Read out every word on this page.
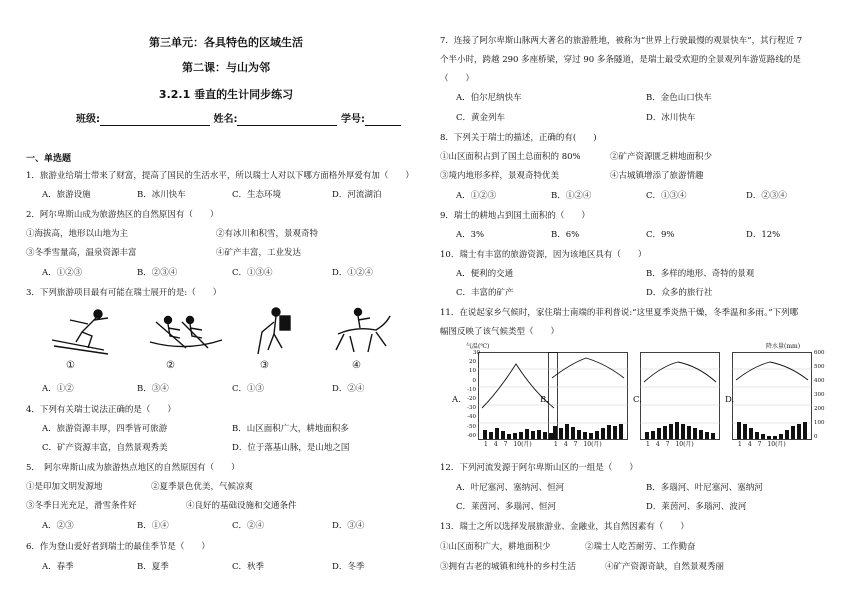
第三单元：各具特色的区域生活
第二课：与山为邻
3.2.1 垂直的生计同步练习
班级:	姓名:	学号:
一、单选题
1．旅游业给瑞士带来了财富，提高了国民的生活水平，所以瑞士人对以下哪方面格外厚爱有加（　　）
A．旅游设施	B．冰川快车	C．生态环境	D．河流湖泊
2．阿尔卑斯山成为旅游热区的自然原因有（　　）
①海拔高，地形以山地为主	②有冰川和积雪，景观奇特
③冬季雪量高，温泉资源丰富	④矿产丰富，工业发达
A．①②③	B．②③④	C．①③④	D．①②④
3．下列旅游项目最有可能在瑞士展开的是:（　　）
①	②	③	④
A．①②	B．③④	C．①③	D．②④
4．下列有关瑞士说法正确的是（　　）
A．旅游资源丰厚，四季皆可旅游	B．山区面积广大，耕地面积多
C．矿产资源丰富，自然景观秀美	D．位于落基山脉，是山地之国
5．　阿尔卑斯山成为旅游热点地区的自然原因有（　　）
①是印加文明发源地	②夏季景色优美，气候凉爽
③冬季日光充足，滑雪条件好	④良好的基础设施和交通条件
A．②③	B．①④	C．②④	D．③④
6．作为登山爱好者到瑞士的最佳季节是（　　）
A．春季	B．夏季	C．秋季	D．冬季
7．连接了阿尔卑斯山脉两大著名的旅游胜地，被称为“世界上行驶最慢的观景快车”，其行程近 7
个半小时，跨越 290 多座桥梁，穿过 90 多条隧道，是瑞士最受欢迎的全景观列车游览路线的是
（　　）
A．伯尔尼纳快车	B．金色山口快车
C．黄金列车	D．冰川快车
8．下列关于瑞士的描述，正确的有(　　)
①山区面积占到了国土总面积的 80%	②矿产资源匮乏耕地面积少
③境内地形多样，景观奇特优美	④古城镇增添了旅游情趣
A．①②③	B．①②④	C．①③④	D．②③④
9．瑞士的耕地占到国土面积的（　　）
A．3%	B．6%	C．9%	D．12%
10．瑞士有丰富的旅游资源，因为该地区具有（　　）
A．便利的交通	B．多样的地形、奇特的景观
C．丰富的矿产	D．众多的旅行社
11．在说起家乡气候时，家住瑞士南端的菲利普说:“这里夏季炎热干燥，冬季温和多雨。”下列哪
幅图反映了该气候类型（　　）
A.	B.	C.	D.
气温(℃)	降水量(mm)
30
20
10
0
-10
-20
-30
-40
-50
-60
600
500
400
300
200
100
0
1　4　7　10(月)	1　4　7　10(月)	1　4　7　10(月)	1　4　7　10(月)
12．下列河流发源于阿尔卑斯山区的一组是（　　）
A．叶尼塞河、塞纳河、恒河	B．多瑙河、叶尼塞河、塞纳河
C．莱茵河、多瑙河、恒河	D．莱茵河、多瑙河、波河
13．瑞士之所以选择发展旅游业、金融业，其自然因素有（　　）
①山区面积广大，耕地面积少	②瑞士人吃苦耐劳、工作勤奋
③拥有古老的城镇和纯朴的乡村生活	④矿产资源奇缺，自然景观秀丽
